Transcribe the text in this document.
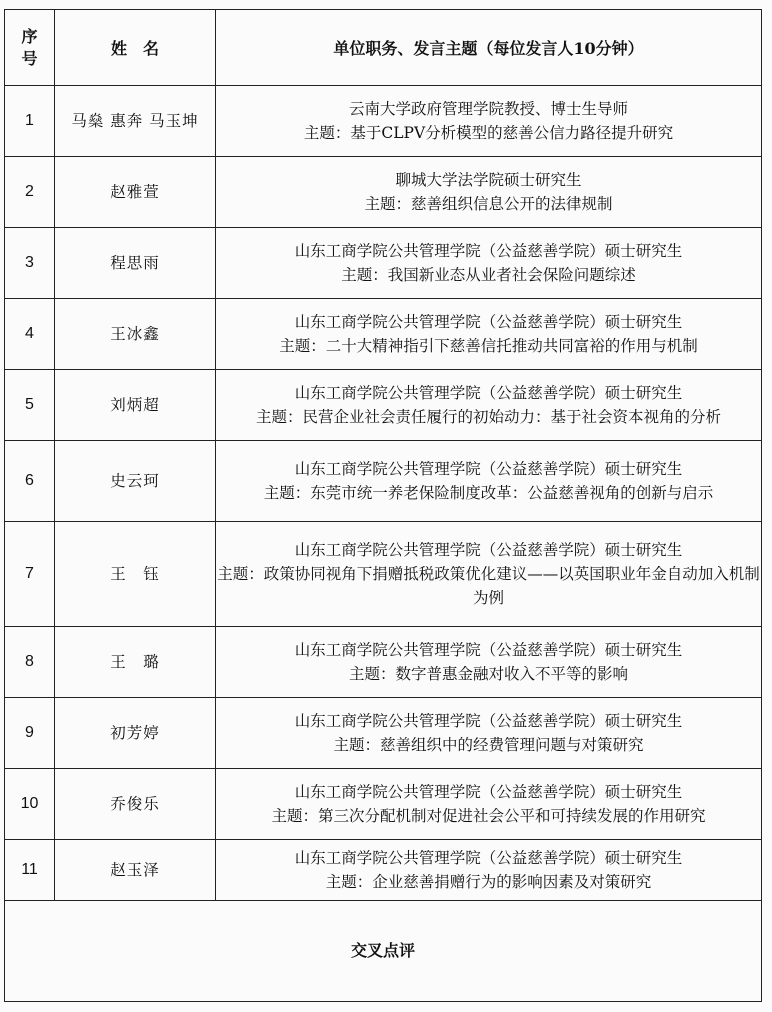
序
号	姓　名	单位职务、发言主题（每位发言人10分钟）
1	马燊 惠奔 马玉坤	云南大学政府管理学院教授、博士生导师
主题：基于CLPV分析模型的慈善公信力路径提升研究

2	赵雅萱	聊城大学法学院硕士研究生
主题：慈善组织信息公开的法律规制

3	程思雨	山东工商学院公共管理学院（公益慈善学院）硕士研究生
主题：我国新业态从业者社会保险问题综述

4	王冰鑫	山东工商学院公共管理学院（公益慈善学院）硕士研究生
主题：二十大精神指引下慈善信托推动共同富裕的作用与机制

5	刘炳超	山东工商学院公共管理学院（公益慈善学院）硕士研究生
主题：民营企业社会责任履行的初始动力：基于社会资本视角的分析

6	史云珂	山东工商学院公共管理学院（公益慈善学院）硕士研究生
主题：东莞市统一养老保险制度改革：公益慈善视角的创新与启示

7	王　钰	山东工商学院公共管理学院（公益慈善学院）硕士研究生
主题：政策协同视角下捐赠抵税政策优化建议——以英国职业年金自动加入机制为例

8	王　璐	山东工商学院公共管理学院（公益慈善学院）硕士研究生
主题：数字普惠金融对收入不平等的影响

9	初芳婷	山东工商学院公共管理学院（公益慈善学院）硕士研究生
主题：慈善组织中的经费管理问题与对策研究

10	乔俊乐	山东工商学院公共管理学院（公益慈善学院）硕士研究生
主题：第三次分配机制对促进社会公平和可持续发展的作用研究

11	赵玉泽	山东工商学院公共管理学院（公益慈善学院）硕士研究生
主题：企业慈善捐赠行为的影响因素及对策研究

交叉点评		
